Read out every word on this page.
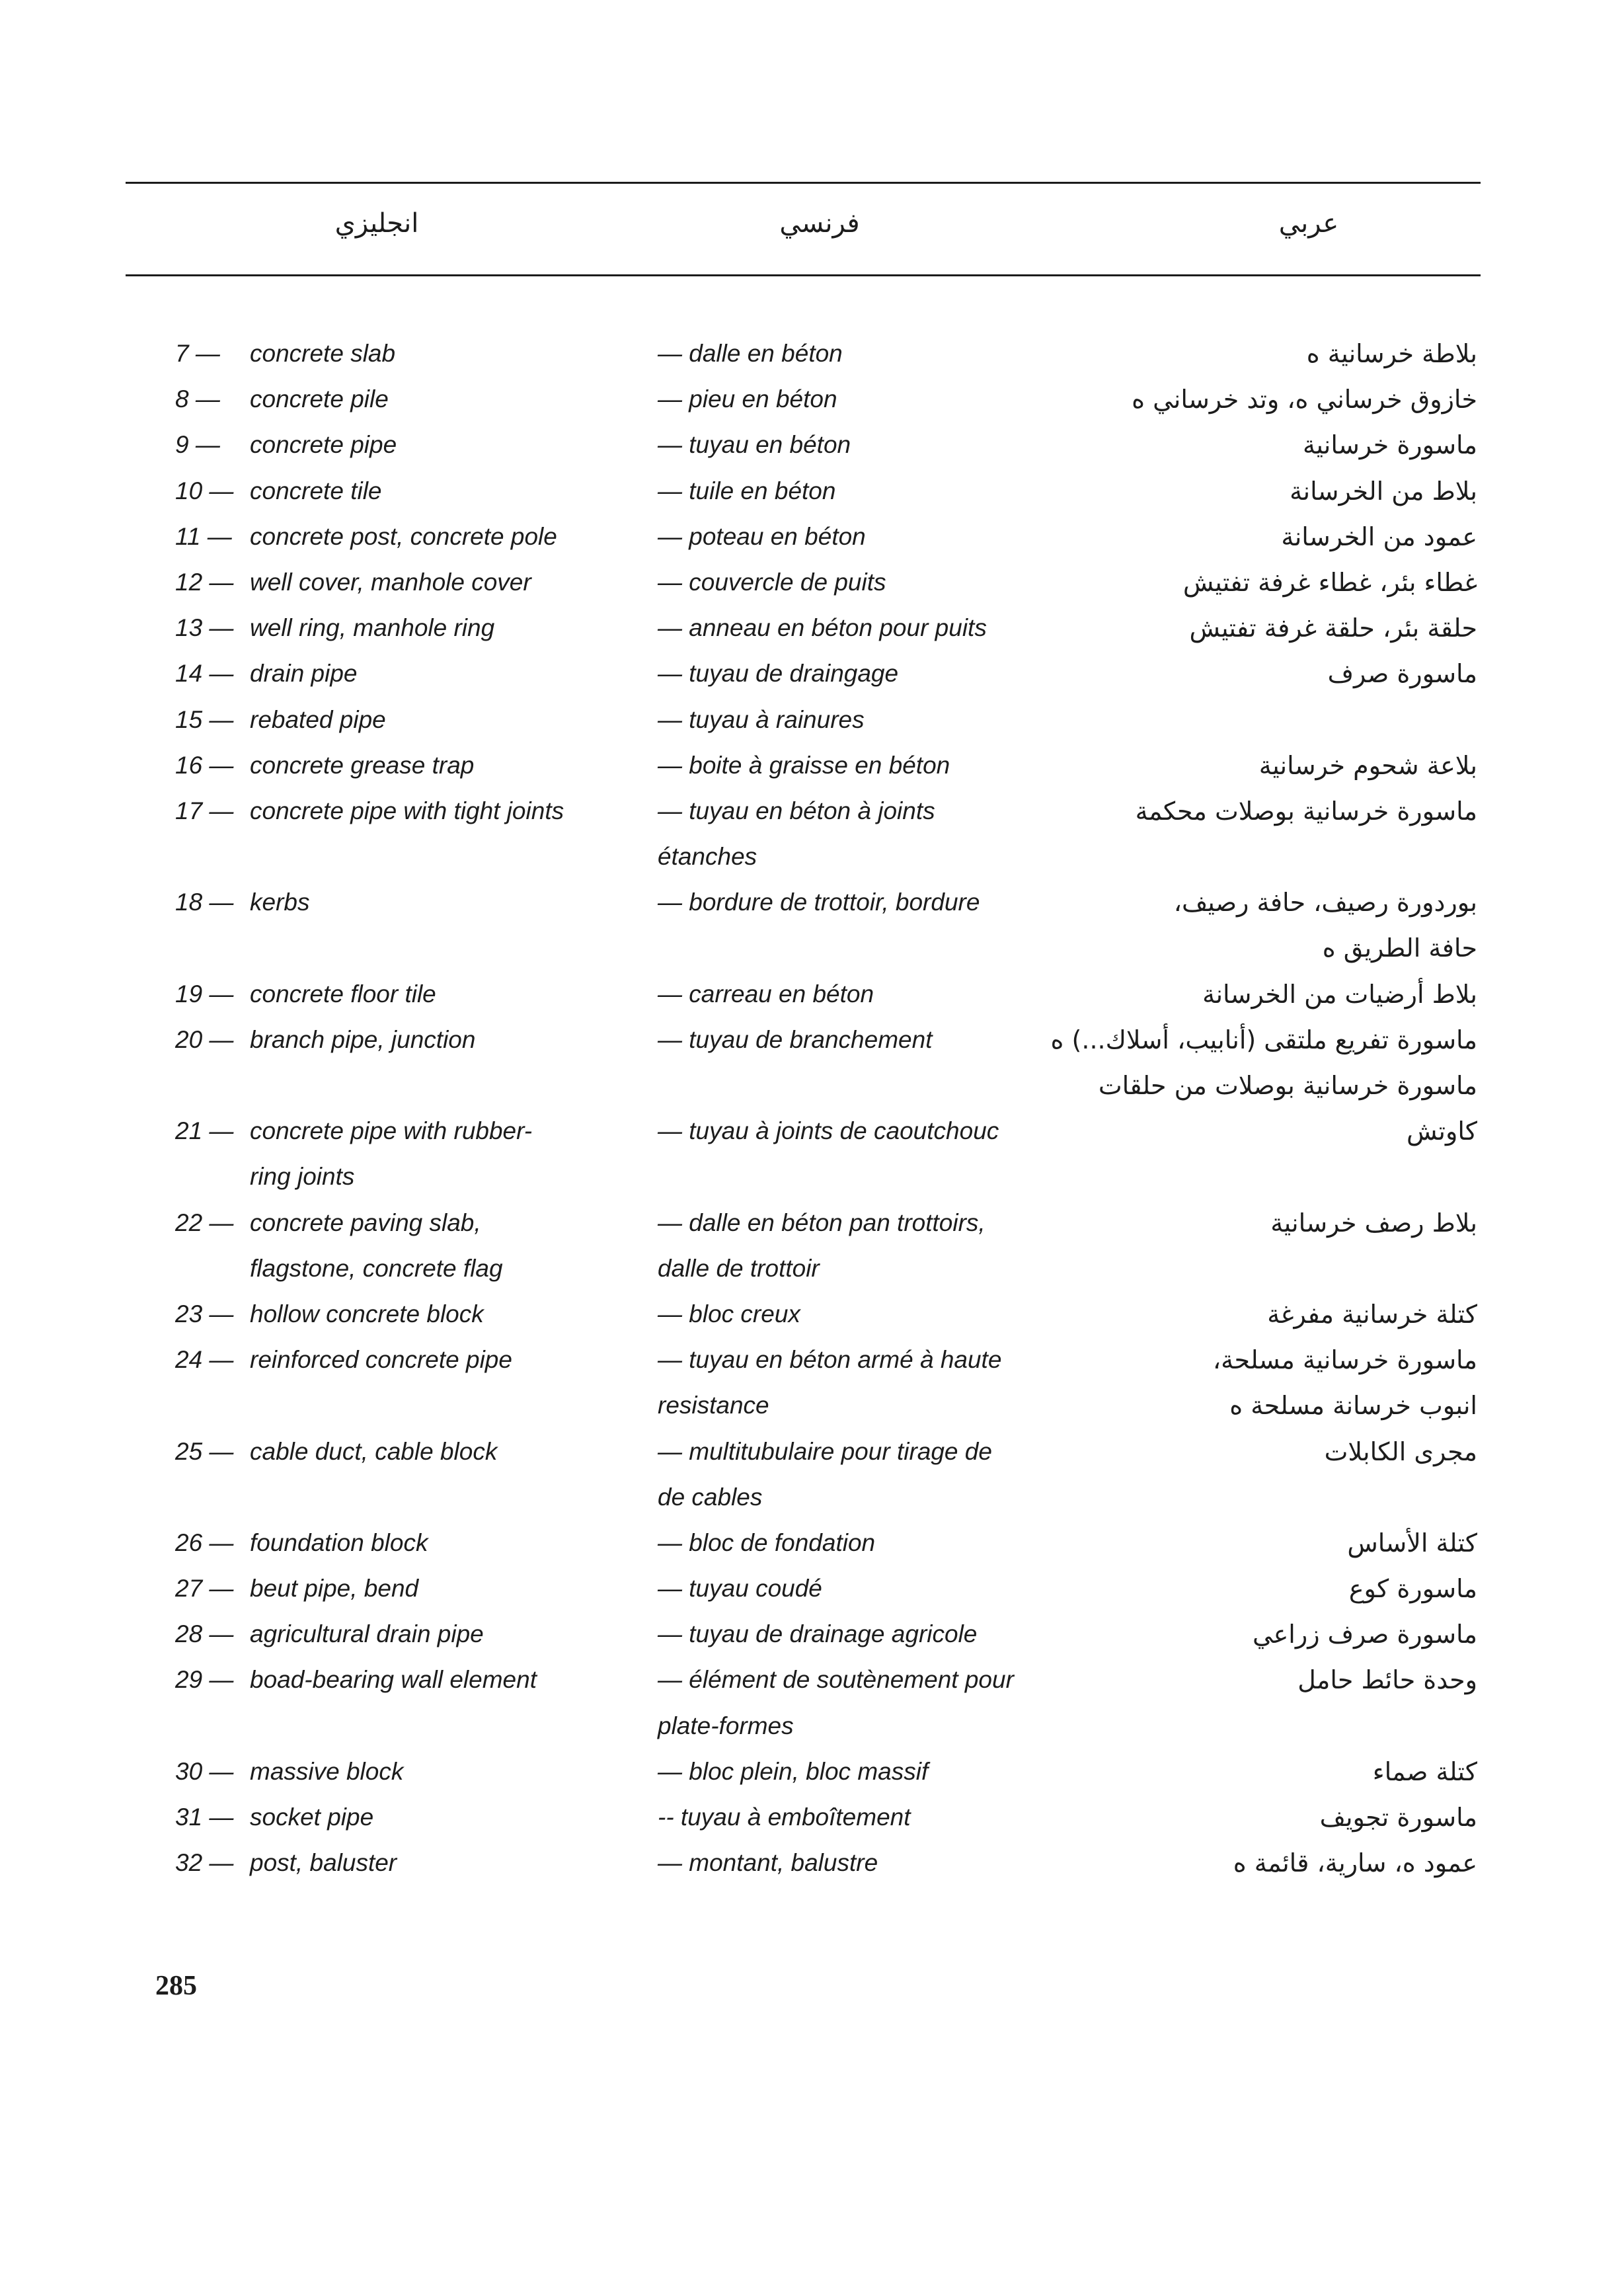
انجليزي	فرنسي	عربي
7 —	concrete slab	— dalle en béton	بلاطة خرسانية ه
8 —	concrete pile	— pieu en béton	خازوق خرساني ه، وتد خرساني ه
9 —	concrete pipe	— tuyau en béton	ماسورة خرسانية
10 — concrete tile	— tuile en béton	بلاط من الخرسانة
11 — concrete post, concrete pole	— poteau en béton	عمود من الخرسانة
12 — well cover, manhole cover	— couvercle de puits	غطاء بئر، غطاء غرفة تفتيش
13 — well ring, manhole ring	— anneau en béton pour puits	حلقة بئر، حلقة غرفة تفتيش
14 — drain pipe	— tuyau de draingage	ماسورة صرف
15 — rebated pipe	— tuyau à rainures
16 — concrete grease trap	— boite à graisse en béton	بلاعة شحوم خرسانية
17 — concrete pipe with tight joints	— tuyau en béton à joints	ماسورة خرسانية بوصلات محكمة
étanches
18 — kerbs	— bordure de trottoir, bordure	بوردورة رصيف، حافة رصيف،
حافة الطريق ه
19 — concrete floor tile	— carreau en béton	بلاط أرضيات من الخرسانة
20 — branch pipe, junction	— tuyau de branchement	ماسورة تفريع ملتقى (أنابيب، أسلاك...) ه
ماسورة خرسانية بوصلات من حلقات
21 — concrete pipe with rubber-	— tuyau à joints de caoutchouc	كاوتش
ring joints
22 — concrete paving slab,	— dalle en béton pan trottoirs,	بلاط رصف خرسانية
flagstone, concrete flag	dalle de trottoir
23 — hollow concrete block	— bloc creux	كتلة خرسانية مفرغة
24 — reinforced concrete pipe	— tuyau en béton armé à haute	ماسورة خرسانية مسلحة،
resistance	انبوب خرسانة مسلحة ه
25 — cable duct, cable block	— multitubulaire pour tirage de	مجرى الكابلات
de cables
26 — foundation block	— bloc de fondation	كتلة الأساس
27 — beut pipe, bend	— tuyau coudé	ماسورة كوع
28 — agricultural drain pipe	— tuyau de drainage agricole	ماسورة صرف زراعي
29 — boad-bearing wall element	— élément de soutènement pour	وحدة حائط حامل
plate-formes
30 — massive block	— bloc plein, bloc massif	كتلة صماء
31 — socket pipe	-- tuyau à emboîtement	ماسورة تجويف
32 — post, baluster	— montant, balustre	عمود ه، سارية، قائمة ه
285
